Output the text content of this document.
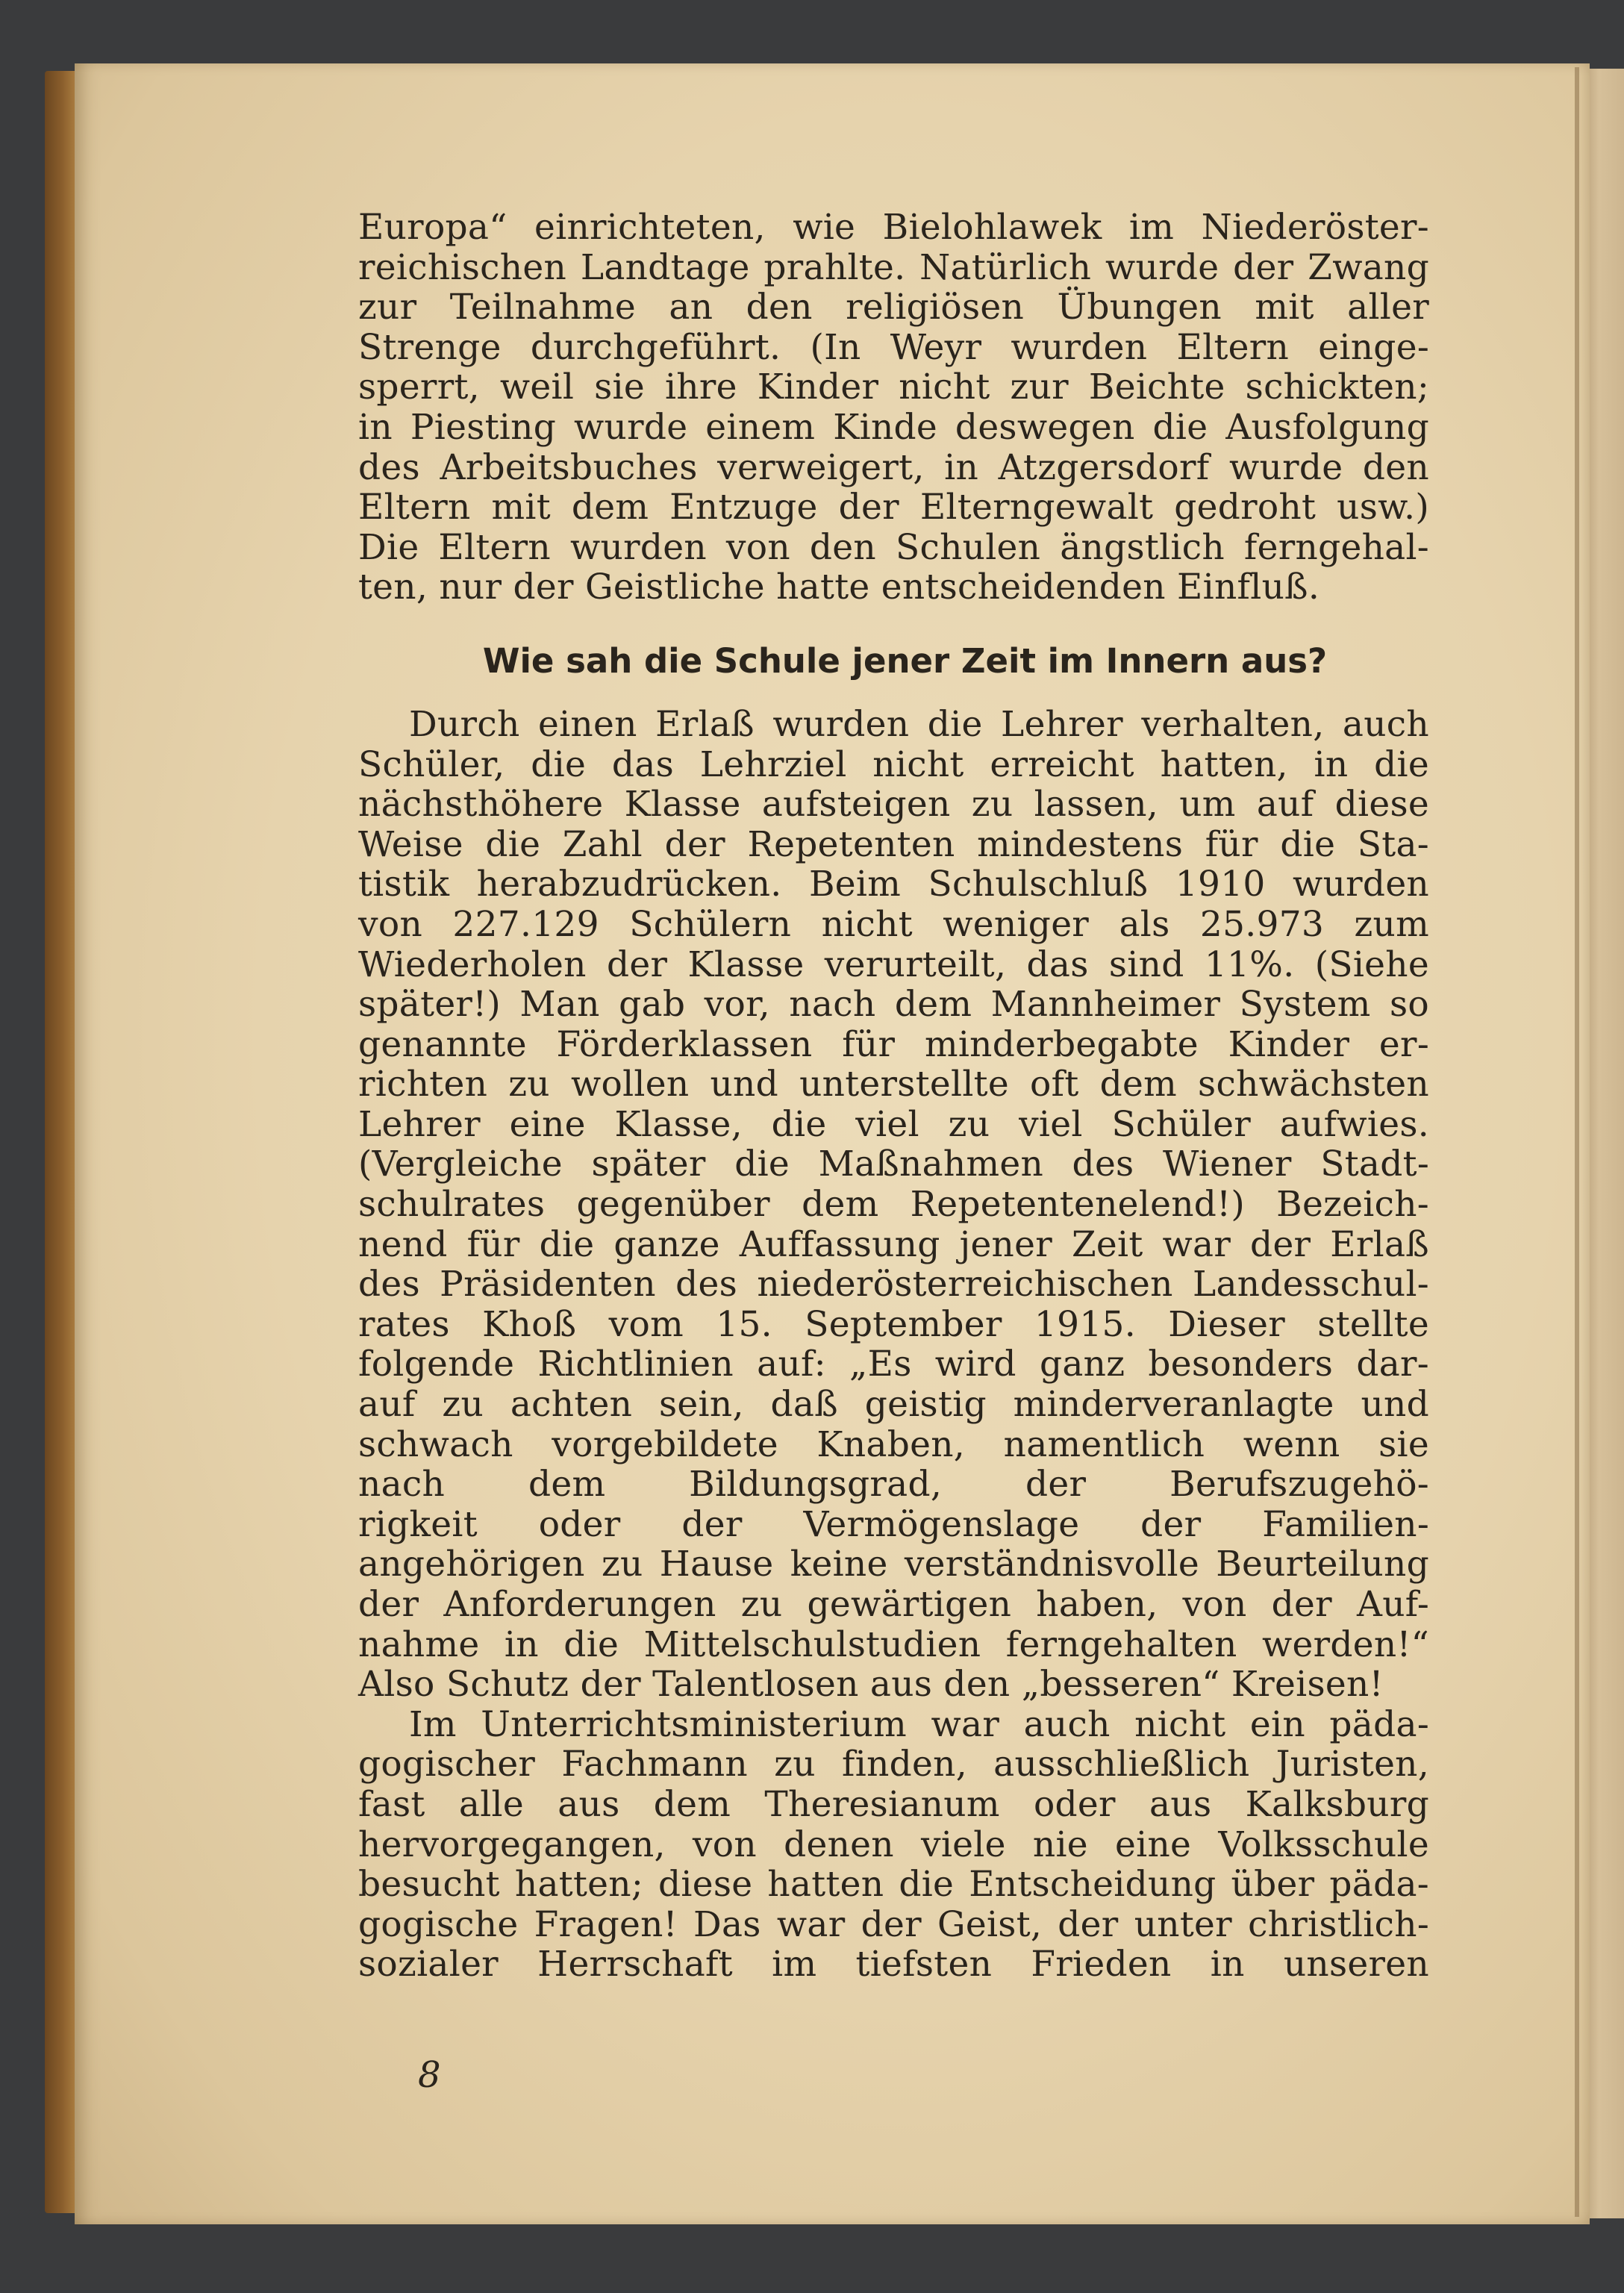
Europa“ einrichteten, wie Bielohlawek im Niederöster-
reichischen Landtage prahlte. Natürlich wurde der Zwang
zur Teilnahme an den religiösen Übungen mit aller
Strenge durchgeführt. (In Weyr wurden Eltern einge-
sperrt, weil sie ihre Kinder nicht zur Beichte schickten;
in Piesting wurde einem Kinde deswegen die Ausfolgung
des Arbeitsbuches verweigert, in Atzgersdorf wurde den
Eltern mit dem Entzuge der Elterngewalt gedroht usw.)
Die Eltern wurden von den Schulen ängstlich ferngehal-
ten, nur der Geistliche hatte entscheidenden Einfluß.
Wie sah die Schule jener Zeit im Innern aus?
Durch einen Erlaß wurden die Lehrer verhalten, auch
Schüler, die das Lehrziel nicht erreicht hatten, in die
nächsthöhere Klasse aufsteigen zu lassen, um auf diese
Weise die Zahl der Repetenten mindestens für die Sta-
tistik herabzudrücken. Beim Schulschluß 1910 wurden
von 227.129 Schülern nicht weniger als 25.973 zum
Wiederholen der Klasse verurteilt, das sind 11%. (Siehe
später!) Man gab vor, nach dem Mannheimer System so
genannte Förderklassen für minderbegabte Kinder er-
richten zu wollen und unterstellte oft dem schwächsten
Lehrer eine Klasse, die viel zu viel Schüler aufwies.
(Vergleiche später die Maßnahmen des Wiener Stadt-
schulrates gegenüber dem Repetentenelend!) Bezeich-
nend für die ganze Auffassung jener Zeit war der Erlaß
des Präsidenten des niederösterreichischen Landesschul-
rates Khoß vom 15. September 1915. Dieser stellte
folgende Richtlinien auf: „Es wird ganz besonders dar-
auf zu achten sein, daß geistig minderveranlagte und
schwach vorgebildete Knaben, namentlich wenn sie
nach dem Bildungsgrad, der Berufszugehö-
rigkeit oder der Vermögenslage der Familien-
angehörigen zu Hause keine verständnisvolle Beurteilung
der Anforderungen zu gewärtigen haben, von der Auf-
nahme in die Mittelschulstudien ferngehalten werden!“
Also Schutz der Talentlosen aus den „besseren“ Kreisen!
Im Unterrichtsministerium war auch nicht ein päda-
gogischer Fachmann zu finden, ausschließlich Juristen,
fast alle aus dem Theresianum oder aus Kalksburg
hervorgegangen, von denen viele nie eine Volksschule
besucht hatten; diese hatten die Entscheidung über päda-
gogische Fragen! Das war der Geist, der unter christlich-
sozialer Herrschaft im tiefsten Frieden in unseren
8
